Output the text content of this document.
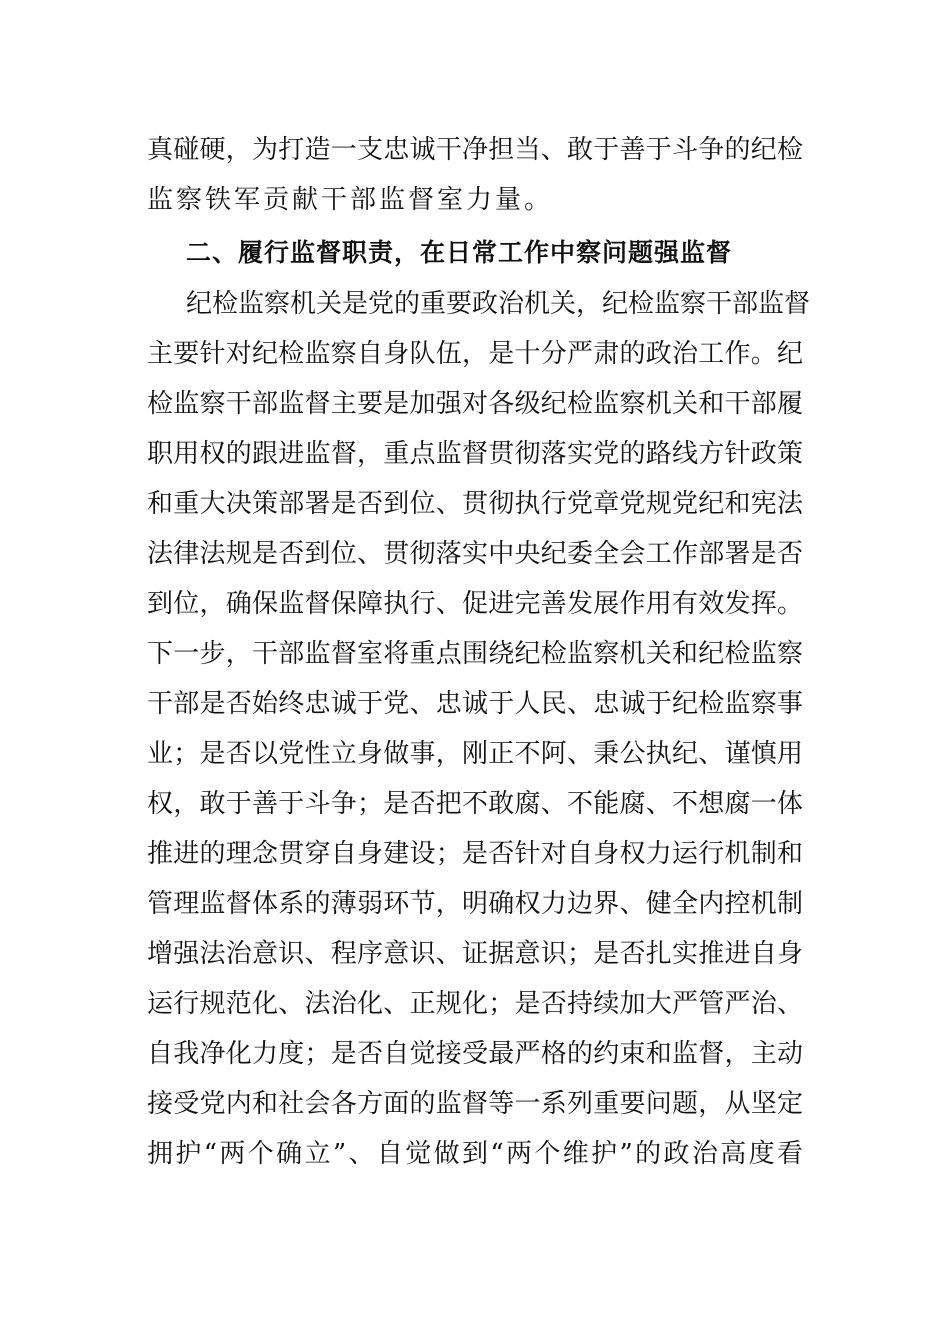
真碰硬，为打造一支忠诚干净担当、敢于善于斗争的纪检
监察铁军贡献干部监督室力量。
二、履行监督职责，在日常工作中察问题强监督
纪检监察机关是党的重要政治机关，纪检监察干部监督
主要针对纪检监察自身队伍，是十分严肃的政治工作。纪
检监察干部监督主要是加强对各级纪检监察机关和干部履
职用权的跟进监督，重点监督贯彻落实党的路线方针政策
和重大决策部署是否到位、贯彻执行党章党规党纪和宪法
法律法规是否到位、贯彻落实中央纪委全会工作部署是否
到位，确保监督保障执行、促进完善发展作用有效发挥。
下一步，干部监督室将重点围绕纪检监察机关和纪检监察
干部是否始终忠诚于党、忠诚于人民、忠诚于纪检监察事
业；是否以党性立身做事，刚正不阿、秉公执纪、谨慎用
权，敢于善于斗争；是否把不敢腐、不能腐、不想腐一体
推进的理念贯穿自身建设；是否针对自身权力运行机制和
管理监督体系的薄弱环节，明确权力边界、健全内控机制
增强法治意识、程序意识、证据意识；是否扎实推进自身
运行规范化、法治化、正规化；是否持续加大严管严治、
自我净化力度；是否自觉接受最严格的约束和监督，主动
接受党内和社会各方面的监督等一系列重要问题，从坚定
拥护“两个确立”、自觉做到“两个维护”的政治高度看
